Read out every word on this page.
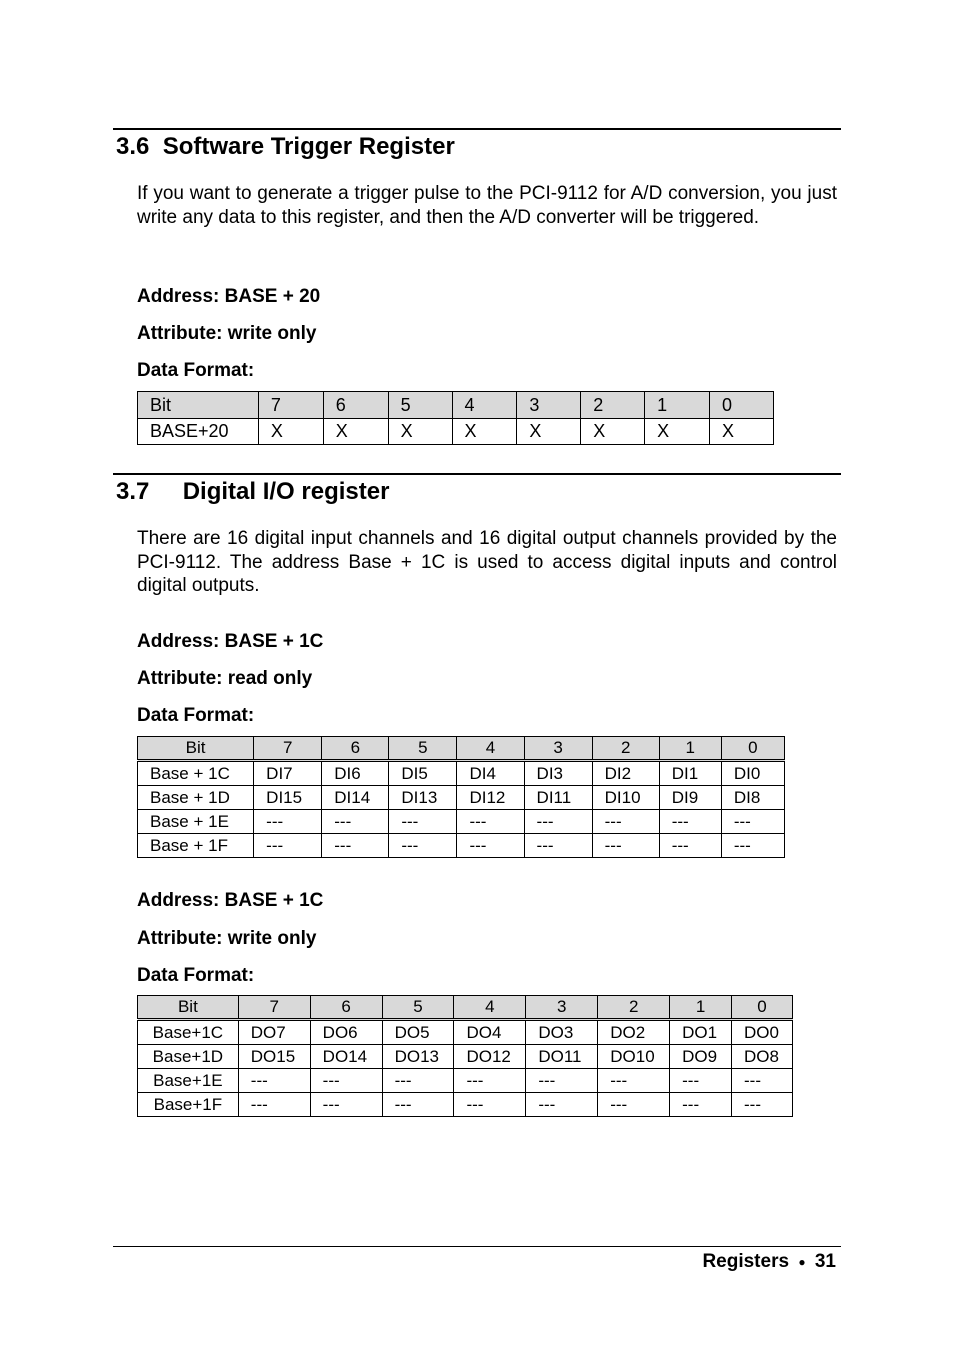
3.6  Software Trigger Register

If you want to generate a trigger pulse to the PCI-9112 for A/D conversion, you just write any data to this register, and then the A/D converter will be triggered.

Address: BASE + 20

Attribute: write only

Data Format:

Bit	7	6	5	4	3	2	1	0
BASE+20	X	X	X	X	X	X	X	X
3.7     Digital I/O register

There are 16 digital input channels and 16 digital output channels provided by the PCI-9112. The address Base + 1C is used to access digital inputs and control digital outputs.

Address: BASE + 1C

Attribute: read only

Data Format:

Bit	7	6	5	4	3	2	1	0
Base + 1C	DI7	DI6	DI5	DI4	DI3	DI2	DI1	DI0
Base + 1D	DI15	DI14	DI13	DI12	DI11	DI10	DI9	DI8
Base + 1E	---	---	---	---	---	---	---	---
Base + 1F	---	---	---	---	---	---	---	---

Address: BASE + 1C

Attribute: write only

Data Format:

Bit	7	6	5	4	3	2	1	0
Base+1C	DO7	DO6	DO5	DO4	DO3	DO2	DO1	DO0
Base+1D	DO15	DO14	DO13	DO12	DO11	DO10	DO9	DO8
Base+1E	---	---	---	---	---	---	---	---
Base+1F	---	---	---	---	---	---	---	---
Registers ● 31
